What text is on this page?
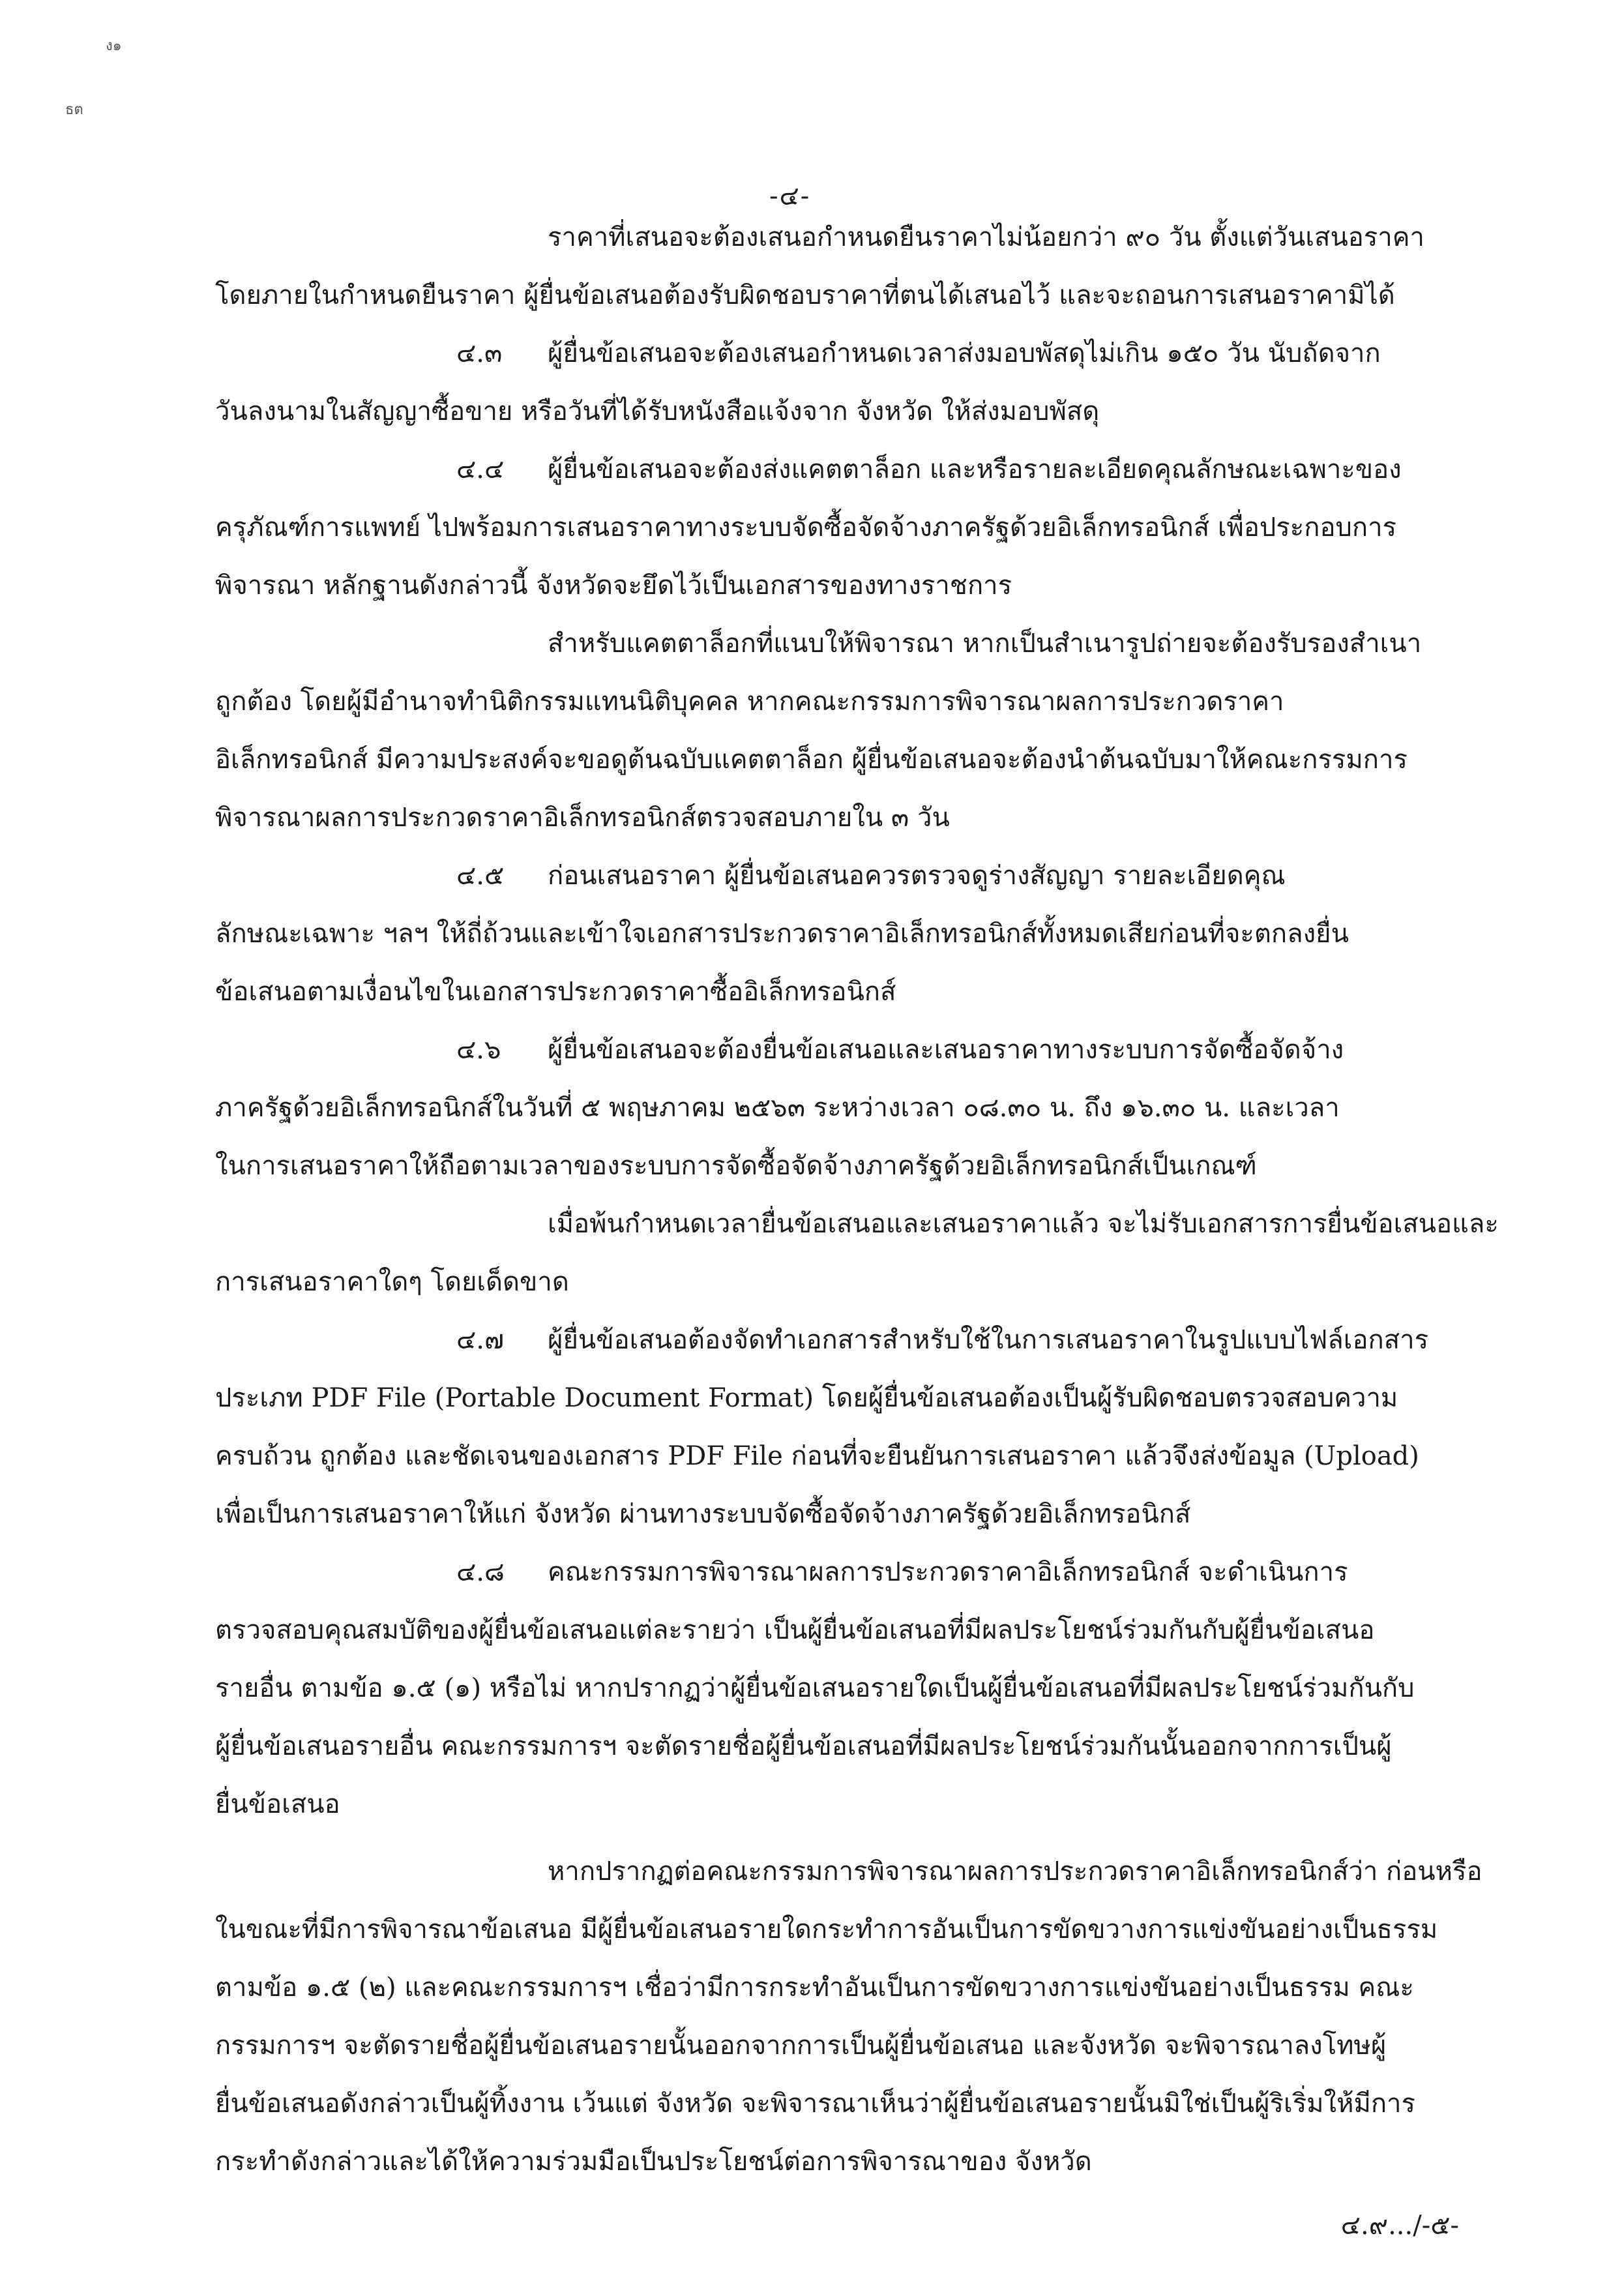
ง๑
ธต
-๔-
ราคาที่เสนอจะต้องเสนอกำหนดยืนราคาไม่น้อยกว่า ๙๐ วัน ตั้งแต่วันเสนอราคา
โดยภายในกำหนดยืนราคา ผู้ยื่นข้อเสนอต้องรับผิดชอบราคาที่ตนได้เสนอไว้ และจะถอนการเสนอราคามิได้
๔.๓ ผู้ยื่นข้อเสนอจะต้องเสนอกำหนดเวลาส่งมอบพัสดุไม่เกิน ๑๕๐ วัน นับถัดจาก
วันลงนามในสัญญาซื้อขาย หรือวันที่ได้รับหนังสือแจ้งจาก จังหวัด ให้ส่งมอบพัสดุ
๔.๔ ผู้ยื่นข้อเสนอจะต้องส่งแคตตาล็อก และหรือรายละเอียดคุณลักษณะเฉพาะของ
ครุภัณฑ์การแพทย์ ไปพร้อมการเสนอราคาทางระบบจัดซื้อจัดจ้างภาครัฐด้วยอิเล็กทรอนิกส์ เพื่อประกอบการ
พิจารณา หลักฐานดังกล่าวนี้ จังหวัดจะยึดไว้เป็นเอกสารของทางราชการ
สำหรับแคตตาล็อกที่แนบให้พิจารณา หากเป็นสำเนารูปถ่ายจะต้องรับรองสำเนา
ถูกต้อง โดยผู้มีอำนาจทำนิติกรรมแทนนิติบุคคล หากคณะกรรมการพิจารณาผลการประกวดราคา
อิเล็กทรอนิกส์ มีความประสงค์จะขอดูต้นฉบับแคตตาล็อก ผู้ยื่นข้อเสนอจะต้องนำต้นฉบับมาให้คณะกรรมการ
พิจารณาผลการประกวดราคาอิเล็กทรอนิกส์ตรวจสอบภายใน ๓ วัน
๔.๕ ก่อนเสนอราคา ผู้ยื่นข้อเสนอควรตรวจดูร่างสัญญา รายละเอียดคุณ
ลักษณะเฉพาะ ฯลฯ ให้ถี่ถ้วนและเข้าใจเอกสารประกวดราคาอิเล็กทรอนิกส์ทั้งหมดเสียก่อนที่จะตกลงยื่น
ข้อเสนอตามเงื่อนไขในเอกสารประกวดราคาซื้ออิเล็กทรอนิกส์
๔.๖ ผู้ยื่นข้อเสนอจะต้องยื่นข้อเสนอและเสนอราคาทางระบบการจัดซื้อจัดจ้าง
ภาครัฐด้วยอิเล็กทรอนิกส์ในวันที่ ๕ พฤษภาคม ๒๕๖๓ ระหว่างเวลา ๐๘.๓๐ น. ถึง ๑๖.๓๐ น. และเวลา
ในการเสนอราคาให้ถือตามเวลาของระบบการจัดซื้อจัดจ้างภาครัฐด้วยอิเล็กทรอนิกส์เป็นเกณฑ์
เมื่อพ้นกำหนดเวลายื่นข้อเสนอและเสนอราคาแล้ว จะไม่รับเอกสารการยื่นข้อเสนอและ
การเสนอราคาใดๆ โดยเด็ดขาด
๔.๗ ผู้ยื่นข้อเสนอต้องจัดทำเอกสารสำหรับใช้ในการเสนอราคาในรูปแบบไฟล์เอกสาร
ประเภท PDF File (Portable Document Format) โดยผู้ยื่นข้อเสนอต้องเป็นผู้รับผิดชอบตรวจสอบความ
ครบถ้วน ถูกต้อง และชัดเจนของเอกสาร PDF File ก่อนที่จะยืนยันการเสนอราคา แล้วจึงส่งข้อมูล (Upload)
เพื่อเป็นการเสนอราคาให้แก่ จังหวัด ผ่านทางระบบจัดซื้อจัดจ้างภาครัฐด้วยอิเล็กทรอนิกส์
๔.๘ คณะกรรมการพิจารณาผลการประกวดราคาอิเล็กทรอนิกส์ จะดำเนินการ
ตรวจสอบคุณสมบัติของผู้ยื่นข้อเสนอแต่ละรายว่า เป็นผู้ยื่นข้อเสนอที่มีผลประโยชน์ร่วมกันกับผู้ยื่นข้อเสนอ
รายอื่น ตามข้อ ๑.๕ (๑) หรือไม่ หากปรากฏว่าผู้ยื่นข้อเสนอรายใดเป็นผู้ยื่นข้อเสนอที่มีผลประโยชน์ร่วมกันกับ
ผู้ยื่นข้อเสนอรายอื่น คณะกรรมการฯ จะตัดรายชื่อผู้ยื่นข้อเสนอที่มีผลประโยชน์ร่วมกันนั้นออกจากการเป็นผู้
ยื่นข้อเสนอ
หากปรากฏต่อคณะกรรมการพิจารณาผลการประกวดราคาอิเล็กทรอนิกส์ว่า ก่อนหรือ
ในขณะที่มีการพิจารณาข้อเสนอ มีผู้ยื่นข้อเสนอรายใดกระทำการอันเป็นการขัดขวางการแข่งขันอย่างเป็นธรรม
ตามข้อ ๑.๕ (๒) และคณะกรรมการฯ เชื่อว่ามีการกระทำอันเป็นการขัดขวางการแข่งขันอย่างเป็นธรรม คณะ
กรรมการฯ จะตัดรายชื่อผู้ยื่นข้อเสนอรายนั้นออกจากการเป็นผู้ยื่นข้อเสนอ และจังหวัด จะพิจารณาลงโทษผู้
ยื่นข้อเสนอดังกล่าวเป็นผู้ทิ้งงาน เว้นแต่ จังหวัด จะพิจารณาเห็นว่าผู้ยื่นข้อเสนอรายนั้นมิใช่เป็นผู้ริเริ่มให้มีการ
กระทำดังกล่าวและได้ให้ความร่วมมือเป็นประโยชน์ต่อการพิจารณาของ จังหวัด
๔.๙.../-๕-
